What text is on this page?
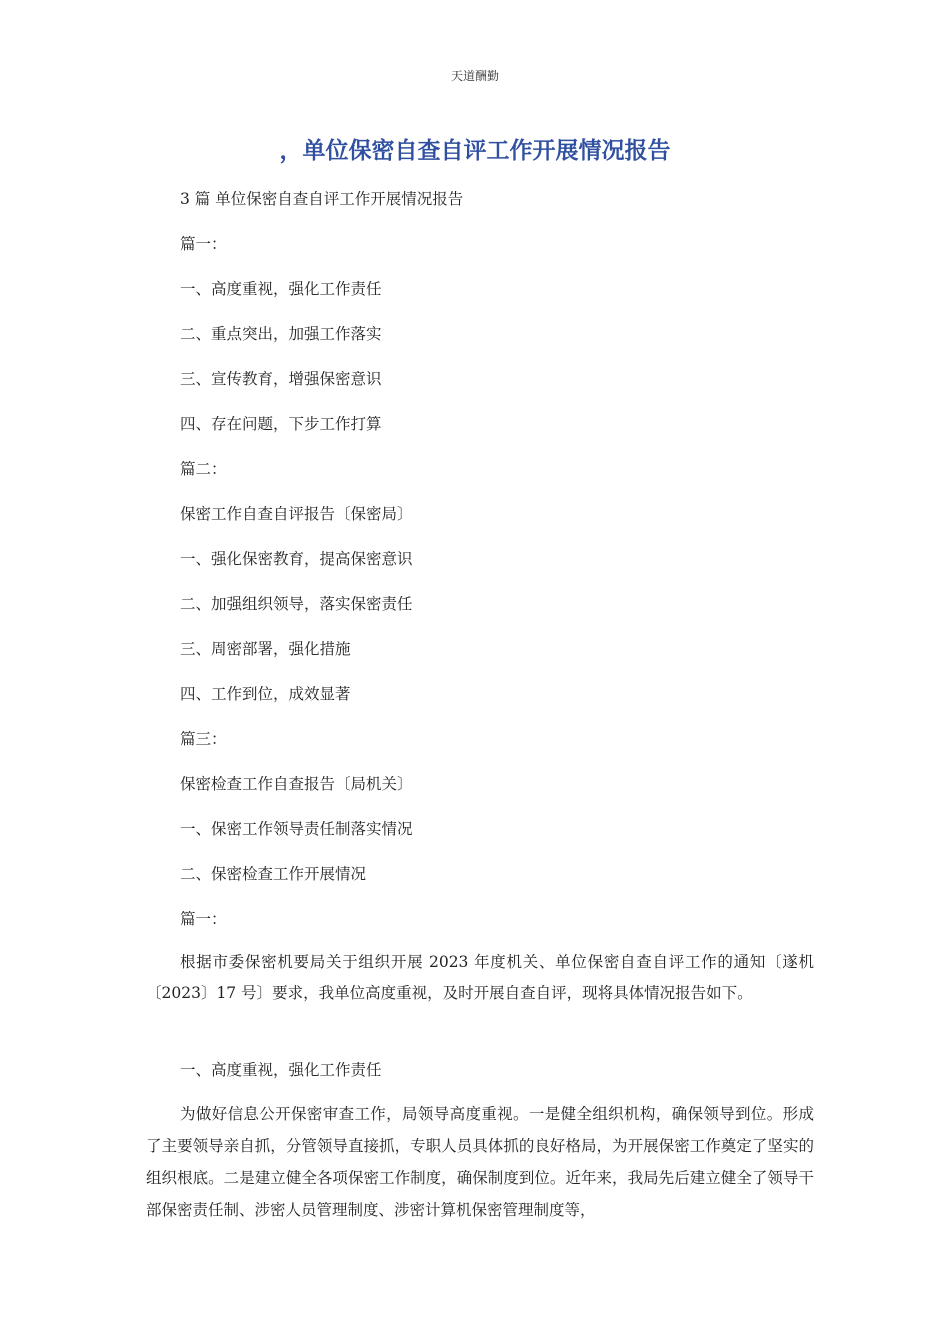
天道酬勤
，单位保密自查自评工作开展情况报告

3 篇 单位保密自查自评工作开展情况报告

篇一：

一、高度重视，强化工作责任

二、重点突出，加强工作落实

三、宣传教育，增强保密意识

四、存在问题，下步工作打算

篇二：

保密工作自查自评报告〔保密局〕

一、强化保密教育，提高保密意识

二、加强组织领导，落实保密责任

三、周密部署，强化措施

四、工作到位，成效显著

篇三：

保密检查工作自查报告〔局机关〕

一、保密工作领导责任制落实情况

二、保密检查工作开展情况

篇一：

根据市委保密机要局关于组织开展 2023 年度机关、单位保密自查自评工作的通知〔遂机〔2023〕17 号〕要求，我单位高度重视，及时开展自查自评，现将具体情况报告如下。

一、高度重视，强化工作责任

为做好信息公开保密审查工作，局领导高度重视。一是健全组织机构，确保领导到位。形成了主要领导亲自抓，分管领导直接抓，专职人员具体抓的良好格局，为开展保密工作奠定了坚实的组织根底。二是建立健全各项保密工作制度，确保制度到位。近年来，我局先后建立健全了领导干部保密责任制、涉密人员管理制度、涉密计算机保密管理制度等，
